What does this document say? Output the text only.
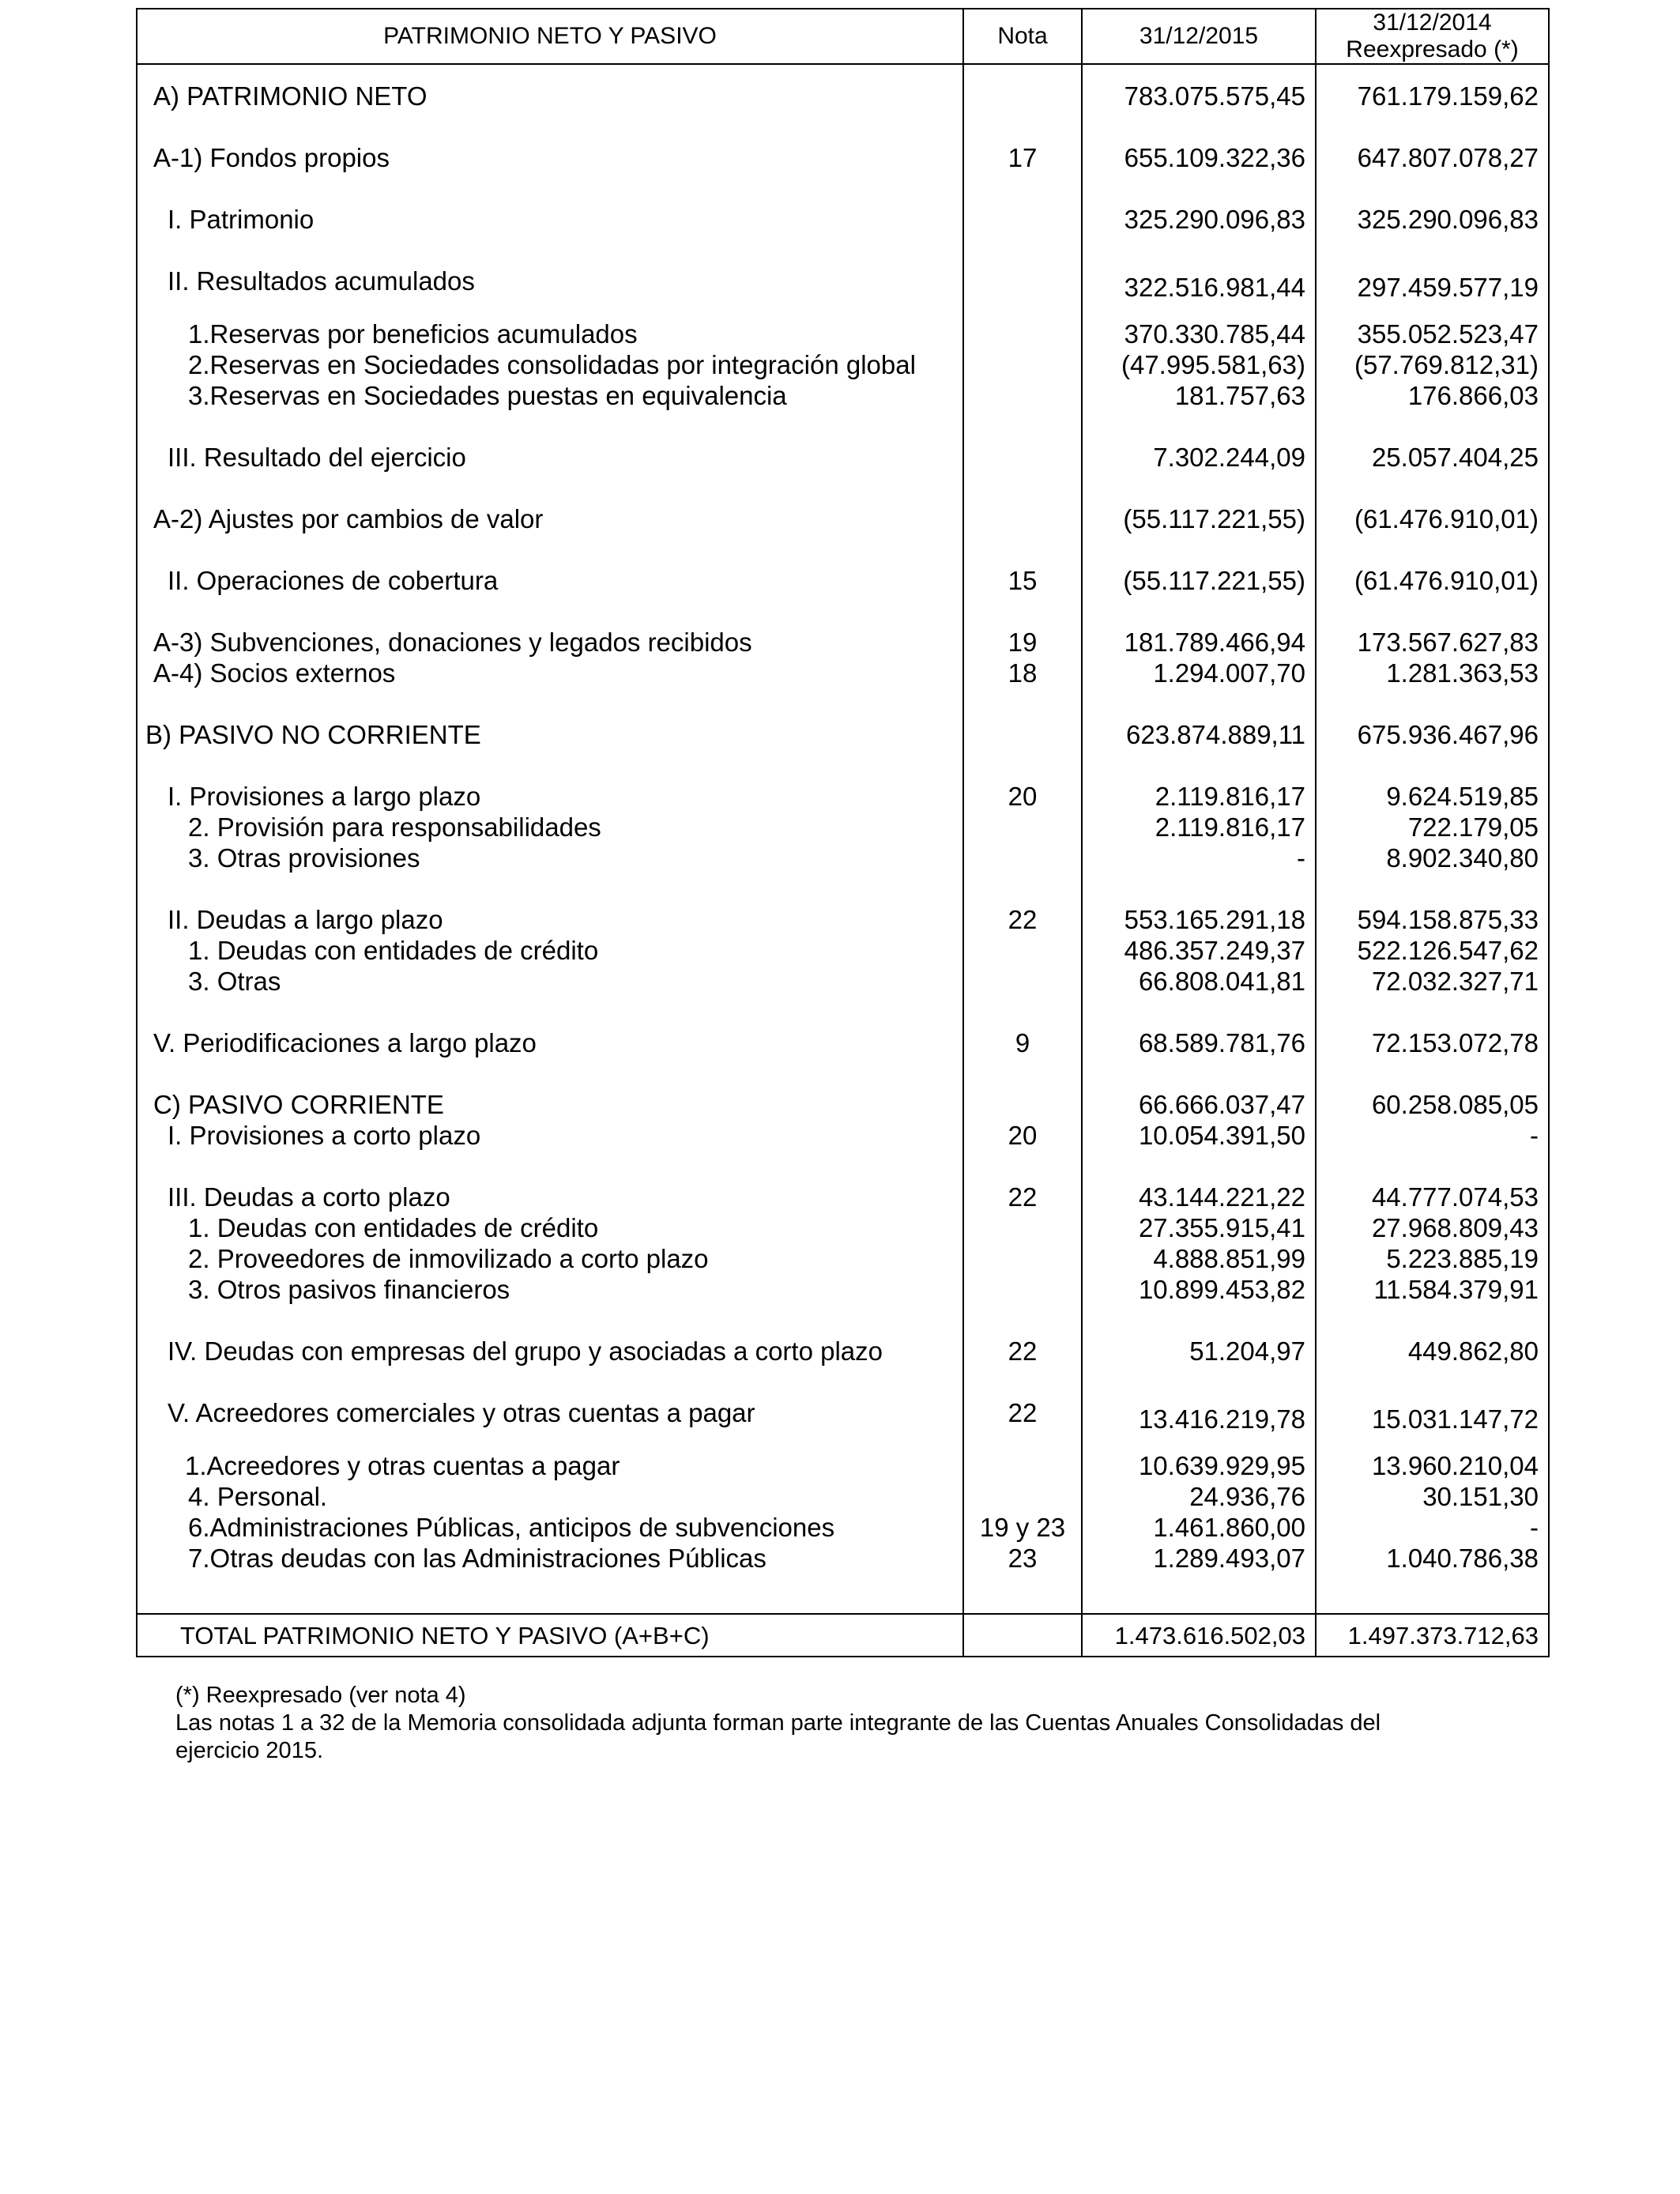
PATRIMONIO NETO Y PASIVO	Nota	31/12/2015	31/12/2014
Reexpresado (*)

A) PATRIMONIO NETO		783.075.575,45	761.179.159,62

A-1) Fondos propios	17	655.109.322,36	647.807.078,27

I. Patrimonio		325.290.096,83	325.290.096,83

II. Resultados acumulados		322.516.981,44	297.459.577,19

1.Reservas por beneficios acumulados		370.330.785,44	355.052.523,47
2.Reservas en Sociedades consolidadas por integración global		(47.995.581,63)	(57.769.812,31)
3.Reservas en Sociedades puestas en equivalencia		181.757,63	176.866,03

III. Resultado del ejercicio		7.302.244,09	25.057.404,25

A-2) Ajustes por cambios de valor		(55.117.221,55)	(61.476.910,01)

II. Operaciones de cobertura	15	(55.117.221,55)	(61.476.910,01)

A-3) Subvenciones, donaciones y legados recibidos	19	181.789.466,94	173.567.627,83
A-4) Socios externos	18	1.294.007,70	1.281.363,53

B) PASIVO NO CORRIENTE		623.874.889,11	675.936.467,96

I. Provisiones a largo plazo	20	2.119.816,17	9.624.519,85
2. Provisión para responsabilidades		2.119.816,17	722.179,05
3. Otras provisiones		-	8.902.340,80

II. Deudas a largo plazo	22	553.165.291,18	594.158.875,33
1. Deudas con entidades de crédito		486.357.249,37	522.126.547,62
3. Otras		66.808.041,81	72.032.327,71

V. Periodificaciones a largo plazo	9	68.589.781,76	72.153.072,78

C) PASIVO CORRIENTE		66.666.037,47	60.258.085,05
I. Provisiones a corto plazo	20	10.054.391,50	-

III. Deudas a corto plazo	22	43.144.221,22	44.777.074,53
1. Deudas con entidades de crédito		27.355.915,41	27.968.809,43
2. Proveedores de inmovilizado a corto plazo		4.888.851,99	5.223.885,19
3. Otros pasivos financieros		10.899.453,82	11.584.379,91

IV. Deudas con empresas del grupo y asociadas a corto plazo	22	51.204,97	449.862,80

V. Acreedores comerciales y otras cuentas a pagar	22	13.416.219,78	15.031.147,72

1.Acreedores y otras cuentas a pagar		10.639.929,95	13.960.210,04
4. Personal.		24.936,76	30.151,30
6.Administraciones Públicas, anticipos de subvenciones	19 y 23	1.461.860,00	-
7.Otras deudas con las Administraciones Públicas	23	1.289.493,07	1.040.786,38

TOTAL PATRIMONIO NETO Y PASIVO (A+B+C)		1.473.616.502,03	1.497.373.712,63
(*) Reexpresado (ver nota 4)
Las notas 1 a 32 de la Memoria consolidada adjunta forman parte integrante de las Cuentas Anuales Consolidadas del
ejercicio 2015.
